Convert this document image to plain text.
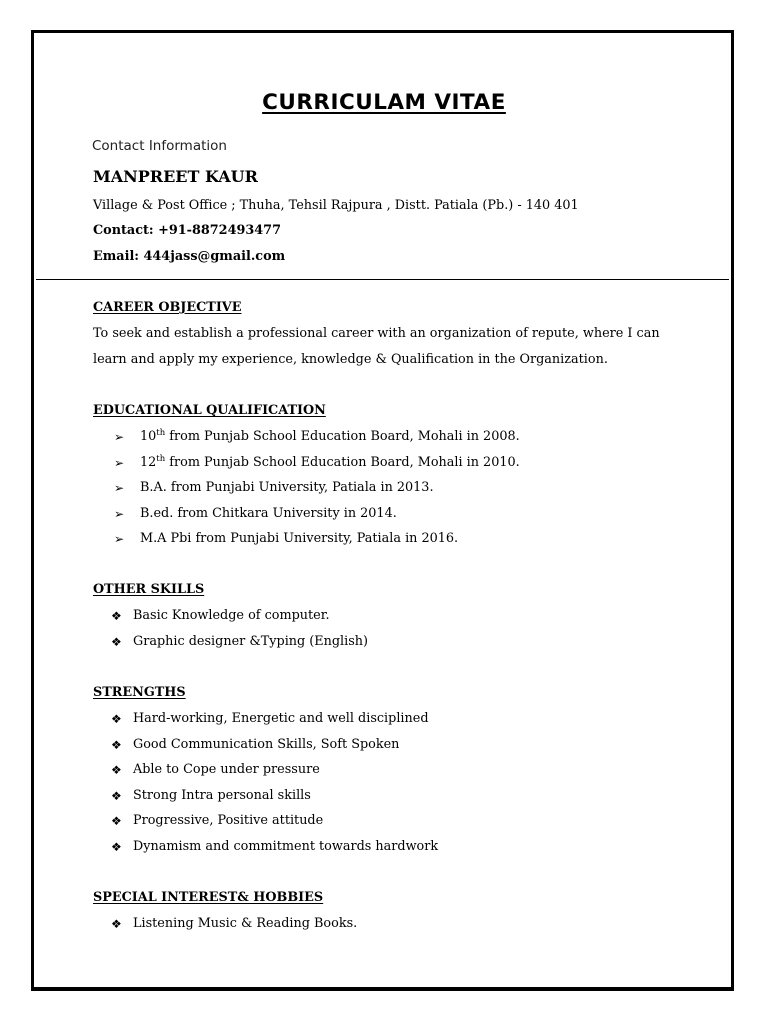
CURRICULAM VITAE
Contact Information
MANPREET KAUR
Village & Post Office ; Thuha, Tehsil Rajpura , Distt. Patiala (Pb.) - 140 401
Contact: +91-8872493477
Email: 444jass@gmail.com
CAREER OBJECTIVE
To seek and establish a professional career with an organization of repute, where I can
learn and apply my experience, knowledge & Qualification in the Organization.
EDUCATIONAL QUALIFICATION
➢ 10th from Punjab School Education Board, Mohali in 2008.
➢ 12th from Punjab School Education Board, Mohali in 2010.
➢ B.A. from Punjabi University, Patiala in 2013.
➢ B.ed. from Chitkara University in 2014.
➢ M.A Pbi from Punjabi University, Patiala in 2016.
OTHER SKILLS
❖ Basic Knowledge of computer.
❖ Graphic designer &Typing (English)
STRENGTHS
❖ Hard-working, Energetic and well disciplined
❖ Good Communication Skills, Soft Spoken
❖ Able to Cope under pressure
❖ Strong Intra personal skills
❖ Progressive, Positive attitude
❖ Dynamism and commitment towards hardwork
SPECIAL INTEREST& HOBBIES
❖ Listening Music & Reading Books.
